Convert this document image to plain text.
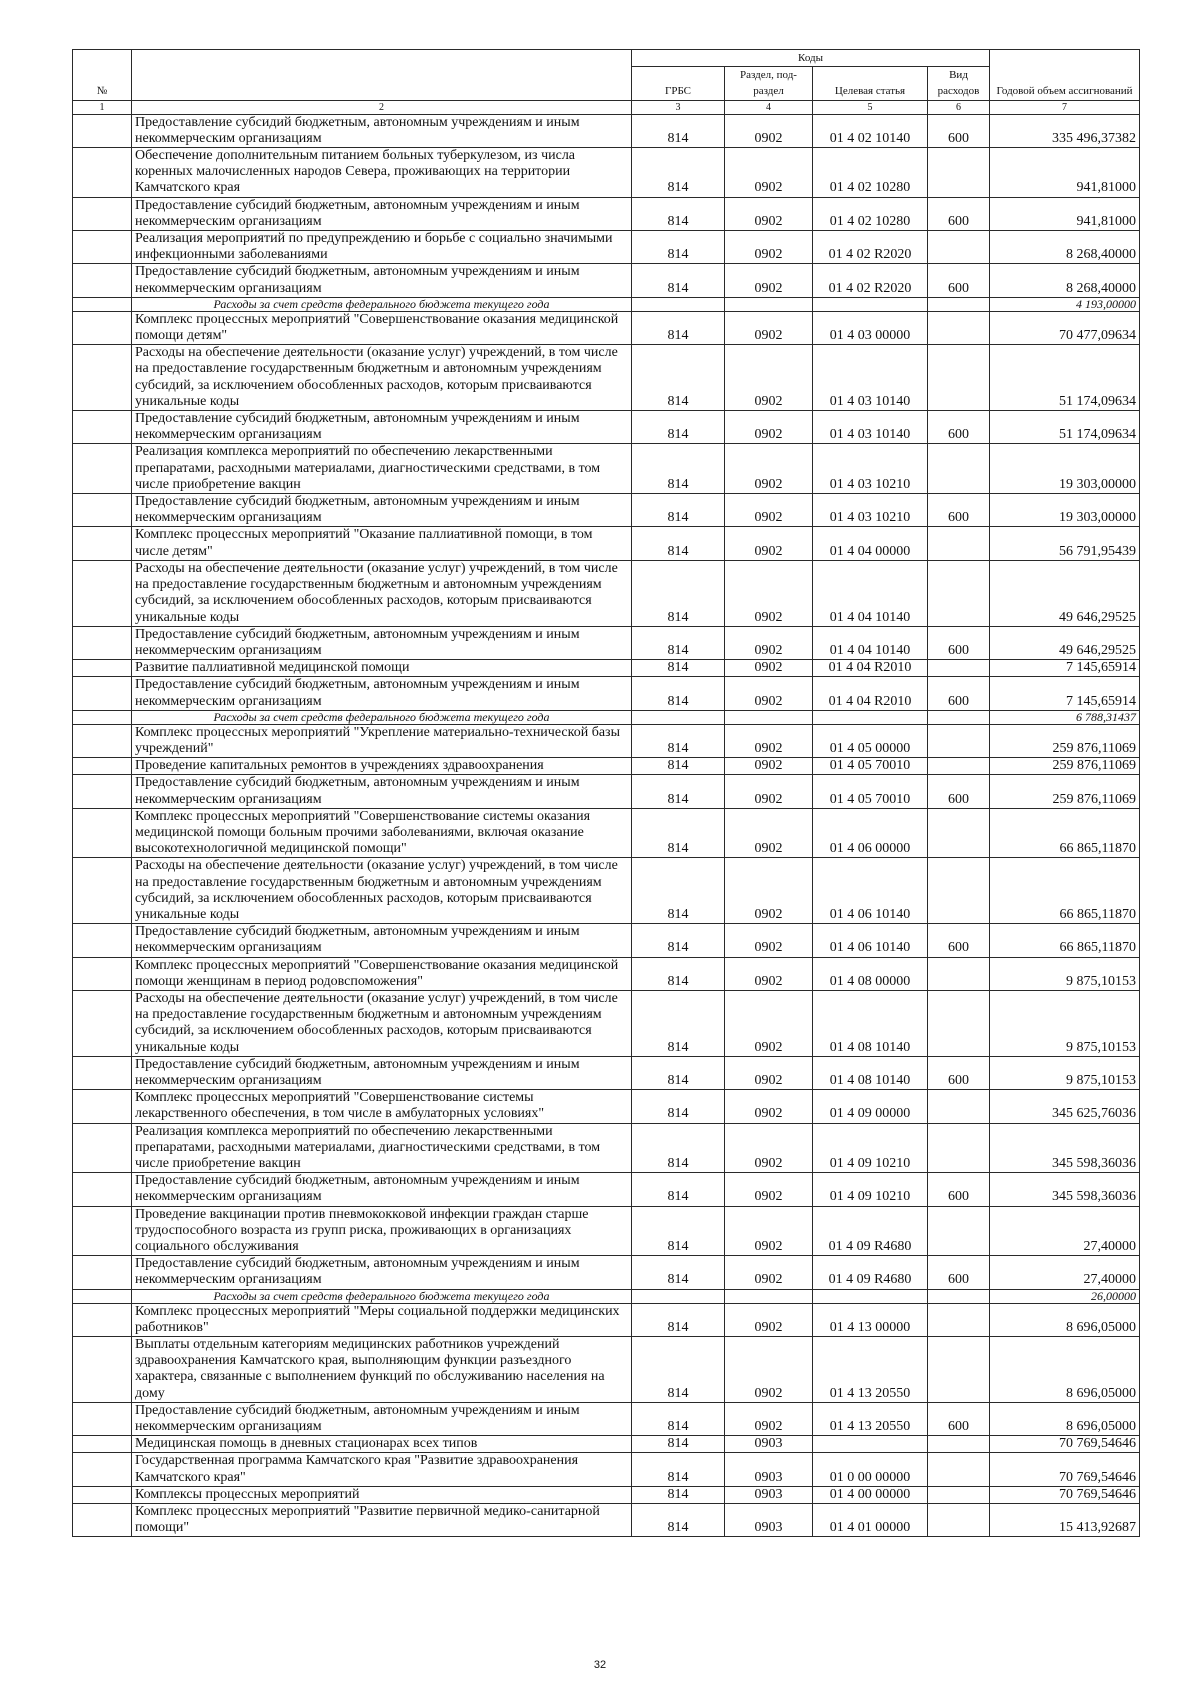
№		Коды				Годовой объем ассигнований
		ГРБС	Раздел, под-раздел	Целевая статья	Вид расходов	
1	2	3	4	5	6	7
	Предоставление субсидий бюджетным, автономным учреждениям и иным некоммерческим организациям	814	0902	01 4 02 10140	600	335 496,37382
	Обеспечение дополнительным питанием больных туберкулезом, из числа коренных малочисленных народов Севера, проживающих на территории Камчатского края	814	0902	01 4 02 10280		941,81000
	Предоставление субсидий бюджетным, автономным учреждениям и иным некоммерческим организациям	814	0902	01 4 02 10280	600	941,81000
	Реализация мероприятий по предупреждению и борьбе с социально значимыми инфекционными заболеваниями	814	0902	01 4 02 R2020		8 268,40000
	Предоставление субсидий бюджетным, автономным учреждениям и иным некоммерческим организациям	814	0902	01 4 02 R2020	600	8 268,40000
	Расходы за счет средств федерального бюджета текущего года					4 193,00000
	Комплекс процессных мероприятий "Совершенствование оказания медицинской помощи детям"	814	0902	01 4 03 00000		70 477,09634
	Расходы на обеспечение деятельности (оказание услуг) учреждений, в том числе на предоставление государственным бюджетным и автономным учреждениям субсидий, за исключением обособленных расходов, которым присваиваются уникальные коды	814	0902	01 4 03 10140		51 174,09634
	Предоставление субсидий бюджетным, автономным учреждениям и иным некоммерческим организациям	814	0902	01 4 03 10140	600	51 174,09634
	Реализация комплекса мероприятий по обеспечению лекарственными препаратами, расходными материалами, диагностическими средствами, в том числе приобретение вакцин	814	0902	01 4 03 10210		19 303,00000
	Предоставление субсидий бюджетным, автономным учреждениям и иным некоммерческим организациям	814	0902	01 4 03 10210	600	19 303,00000
	Комплекс процессных мероприятий "Оказание паллиативной помощи, в том числе детям"	814	0902	01 4 04 00000		56 791,95439
	Расходы на обеспечение деятельности (оказание услуг) учреждений, в том числе на предоставление государственным бюджетным и автономным учреждениям субсидий, за исключением обособленных расходов, которым присваиваются уникальные коды	814	0902	01 4 04 10140		49 646,29525
	Предоставление субсидий бюджетным, автономным учреждениям и иным некоммерческим организациям	814	0902	01 4 04 10140	600	49 646,29525
	Развитие паллиативной медицинской помощи	814	0902	01 4 04 R2010		7 145,65914
	Предоставление субсидий бюджетным, автономным учреждениям и иным некоммерческим организациям	814	0902	01 4 04 R2010	600	7 145,65914
	Расходы за счет средств федерального бюджета текущего года					6 788,31437
	Комплекс процессных мероприятий "Укрепление материально-технической базы учреждений"	814	0902	01 4 05 00000		259 876,11069
	Проведение капитальных ремонтов в учреждениях здравоохранения	814	0902	01 4 05 70010		259 876,11069
	Предоставление субсидий бюджетным, автономным учреждениям и иным некоммерческим организациям	814	0902	01 4 05 70010	600	259 876,11069
	Комплекс процессных мероприятий "Совершенствование системы оказания медицинской помощи больным прочими заболеваниями, включая оказание высокотехнологичной медицинской помощи"	814	0902	01 4 06 00000		66 865,11870
	Расходы на обеспечение деятельности (оказание услуг) учреждений, в том числе на предоставление государственным бюджетным и автономным учреждениям субсидий, за исключением обособленных расходов, которым присваиваются уникальные коды	814	0902	01 4 06 10140		66 865,11870
	Предоставление субсидий бюджетным, автономным учреждениям и иным некоммерческим организациям	814	0902	01 4 06 10140	600	66 865,11870
	Комплекс процессных мероприятий "Совершенствование оказания медицинской помощи женщинам в период родовспоможения"	814	0902	01 4 08 00000		9 875,10153
	Расходы на обеспечение деятельности (оказание услуг) учреждений, в том числе на предоставление государственным бюджетным и автономным учреждениям субсидий, за исключением обособленных расходов, которым присваиваются уникальные коды	814	0902	01 4 08 10140		9 875,10153
	Предоставление субсидий бюджетным, автономным учреждениям и иным некоммерческим организациям	814	0902	01 4 08 10140	600	9 875,10153
	Комплекс процессных мероприятий "Совершенствование системы лекарственного обеспечения, в том числе в амбулаторных условиях"	814	0902	01 4 09 00000		345 625,76036
	Реализация комплекса мероприятий по обеспечению лекарственными препаратами, расходными материалами, диагностическими средствами, в том числе приобретение вакцин	814	0902	01 4 09 10210		345 598,36036
	Предоставление субсидий бюджетным, автономным учреждениям и иным некоммерческим организациям	814	0902	01 4 09 10210	600	345 598,36036
	Проведение вакцинации против пневмококковой инфекции граждан старше трудоспособного возраста из групп риска, проживающих в организациях социального обслуживания	814	0902	01 4 09 R4680		27,40000
	Предоставление субсидий бюджетным, автономным учреждениям и иным некоммерческим организациям	814	0902	01 4 09 R4680	600	27,40000
	Расходы за счет средств федерального бюджета текущего года					26,00000
	Комплекс процессных мероприятий "Меры социальной поддержки медицинских работников"	814	0902	01 4 13 00000		8 696,05000
	Выплаты отдельным категориям медицинских работников учреждений здравоохранения Камчатского края, выполняющим функции разъездного характера, связанные с выполнением функций по обслуживанию населения на дому	814	0902	01 4 13 20550		8 696,05000
	Предоставление субсидий бюджетным, автономным учреждениям и иным некоммерческим организациям	814	0902	01 4 13 20550	600	8 696,05000
	Медицинская помощь в дневных стационарах всех типов	814	0903			70 769,54646
	Государственная программа Камчатского края "Развитие здравоохранения Камчатского края"	814	0903	01 0 00 00000		70 769,54646
	Комплексы процессных мероприятий	814	0903	01 4 00 00000		70 769,54646
	Комплекс процессных мероприятий "Развитие первичной медико-санитарной помощи"	814	0903	01 4 01 00000		15 413,92687
32
